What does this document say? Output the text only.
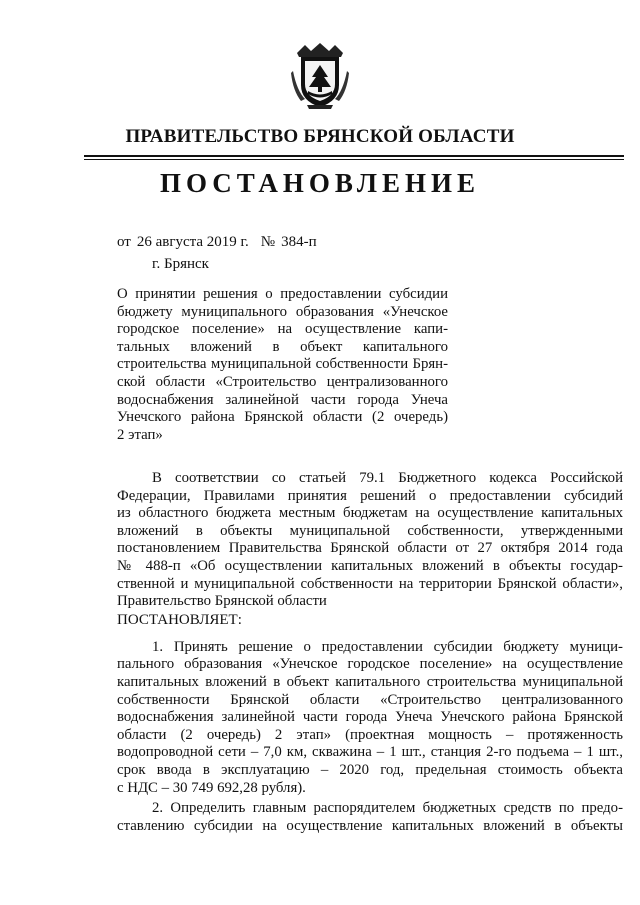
ПРАВИТЕЛЬСТВО БРЯНСКОЙ ОБЛАСТИ
ПОСТАНОВЛЕНИЕ
от 26 августа 2019 г. № 384-п
г. Брянск
О принятии решения о предоставлении субсидии
бюджету муниципального образования «Унечское
городское поселение» на осуществление капи-
тальных вложений в объект капитального
строительства муниципальной собственности Брян-
ской области «Строительство централизованного
водоснабжения залинейной части города Унеча
Унечского района Брянской области (2 очередь)
2 этап»
В соответствии со статьей 79.1 Бюджетного кодекса Российской
Федерации, Правилами принятия решений о предоставлении субсидий
из областного бюджета местным бюджетам на осуществление капитальных
вложений в объекты муниципальной собственности, утвержденными
постановлением Правительства Брянской области от 27 октября 2014 года
№ 488-п «Об осуществлении капитальных вложений в объекты государ-
ственной и муниципальной собственности на территории Брянской области»,
Правительство Брянской области
ПОСТАНОВЛЯЕТ:
1. Принять решение о предоставлении субсидии бюджету муници-
пального образования «Унечское городское поселение» на осуществление
капитальных вложений в объект капитального строительства муниципальной
собственности Брянской области «Строительство централизованного
водоснабжения залинейной части города Унеча Унечского района Брянской
области (2 очередь) 2 этап» (проектная мощность – протяженность
водопроводной сети – 7,0 км, скважина – 1 шт., станция 2-го подъема – 1 шт.,
срок ввода в эксплуатацию – 2020 год, предельная стоимость объекта
с НДС – 30 749 692,28 рубля).
2. Определить главным распорядителем бюджетных средств по предо-
ставлению субсидии на осуществление капитальных вложений в объекты
